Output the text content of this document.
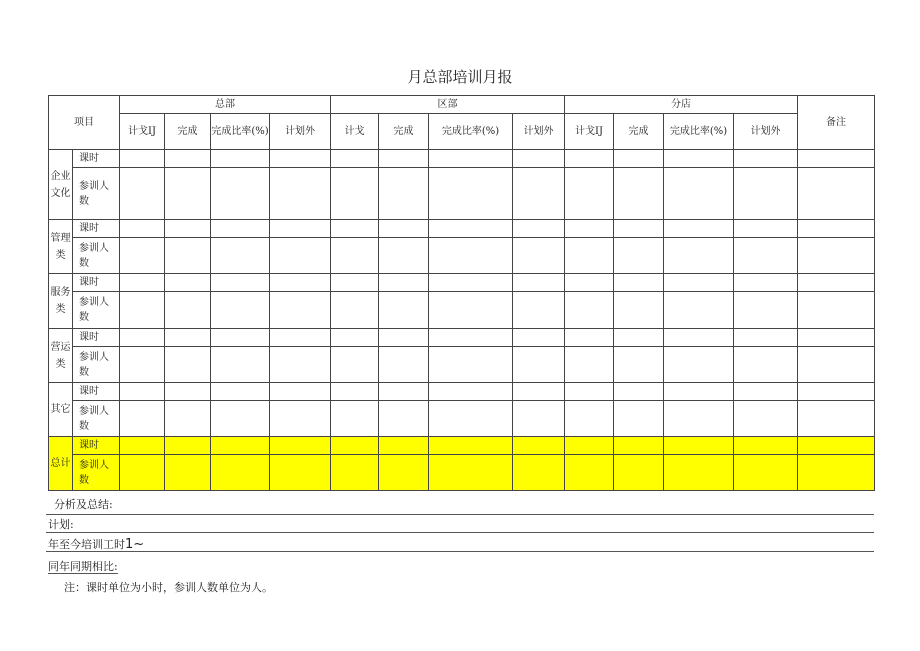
月总部培训月报
项目		总部				区部				分店				备注
		计戈IJ	完成	完成比率(%)	计划外	计戈	完成	完成比率(%)	计划外	计戈IJ	完成	完成比率(%)	计划外	
企业文化	课时													
	参训人数													
管理类	课时													
	参训人数													
服务类	课时													
	参训人数													
营运类	课时													
	参训人数													
其它	课时													
	参训人数													
总计	课时													
	参训人数													
分析及总结:
计划:
年至今培训工时1~
同年同期相比:
注：课时单位为小时，参训人数单位为人。
